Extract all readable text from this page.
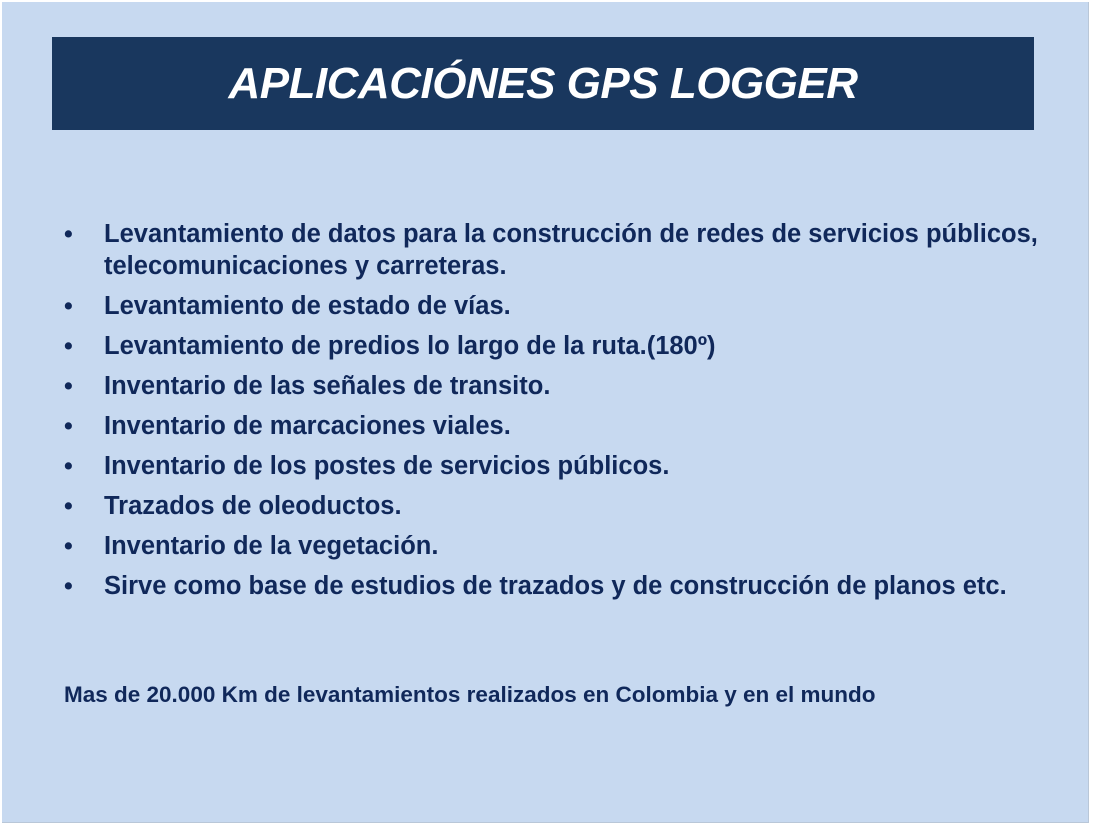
APLICACIÓNES GPS LOGGER
• Levantamiento de datos para la construcción de redes de servicios públicos, telecomunicaciones y carreteras.
• Levantamiento de estado de vías.
• Levantamiento de predios lo largo de la ruta.(180º)
• Inventario de las señales de transito.
• Inventario de marcaciones viales.
• Inventario de los postes de servicios públicos.
• Trazados de oleoductos.
• Inventario de la vegetación.
• Sirve como base de estudios de trazados y de construcción de planos etc.
Mas de 20.000 Km de levantamientos realizados en Colombia y en el mundo
